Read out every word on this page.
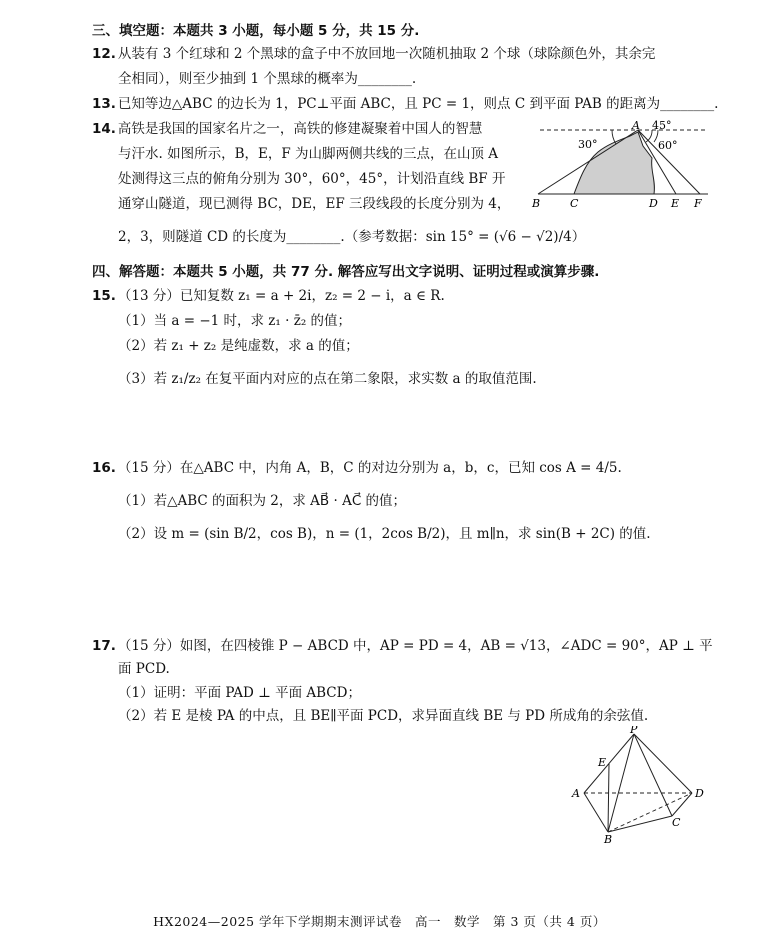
三、填空题：本题共 3 小题，每小题 5 分，共 15 分.
12. 从装有 3 个红球和 2 个黑球的盒子中不放回地一次随机抽取 2 个球（球除颜色外，其余完
全相同），则至少抽到 1 个黑球的概率为________.
13. 已知等边△ABC 的边长为 1，PC⊥平面 ABC，且 PC = 1，则点 C 到平面 PAB 的距离为________.
14. 高铁是我国的国家名片之一，高铁的修建凝聚着中国人的智慧
与汗水. 如图所示，B，E，F 为山脚两侧共线的三点，在山顶 A
处测得这三点的俯角分别为 30°，60°，45°，计划沿直线 BF 开
通穿山隧道，现已测得 BC，DE，EF 三段线段的长度分别为 4，
2，3，则隧道 CD 的长度为________.（参考数据：sin 15° = (√6 − √2)/4）
A 45°
30°	60°
B	C	D E F
四、解答题：本题共 5 小题，共 77 分. 解答应写出文字说明、证明过程或演算步骤.
15. （13 分）已知复数 z₁ = a + 2i，z₂ = 2 − i，a ∈ R.
（1）当 a = −1 时，求 z₁ · z̄₂ 的值；
（2）若 z₁ + z₂ 是纯虚数，求 a 的值；
（3）若 z₁/z₂ 在复平面内对应的点在第二象限，求实数 a 的取值范围.
16. （15 分）在△ABC 中，内角 A，B，C 的对边分别为 a，b，c，已知 cos A = 4/5.
（1）若△ABC 的面积为 2，求 AB⃗ · AC⃗ 的值；
（2）设 m = (sin B/2，cos B)，n = (1，2cos B/2)，且 m∥n，求 sin(B + 2C) 的值.
17. （15 分）如图，在四棱锥 P − ABCD 中，AP = PD = 4，AB = √13，∠ADC = 90°，AP ⊥ 平
面 PCD.
（1）证明：平面 PAD ⊥ 平面 ABCD；
（2）若 E 是棱 PA 的中点，且 BE∥平面 PCD，求异面直线 BE 与 PD 所成角的余弦值.
P
E
A	D
C
B
HX2024—2025 学年下学期期末测评试卷　高一　数学　第 3 页（共 4 页）
